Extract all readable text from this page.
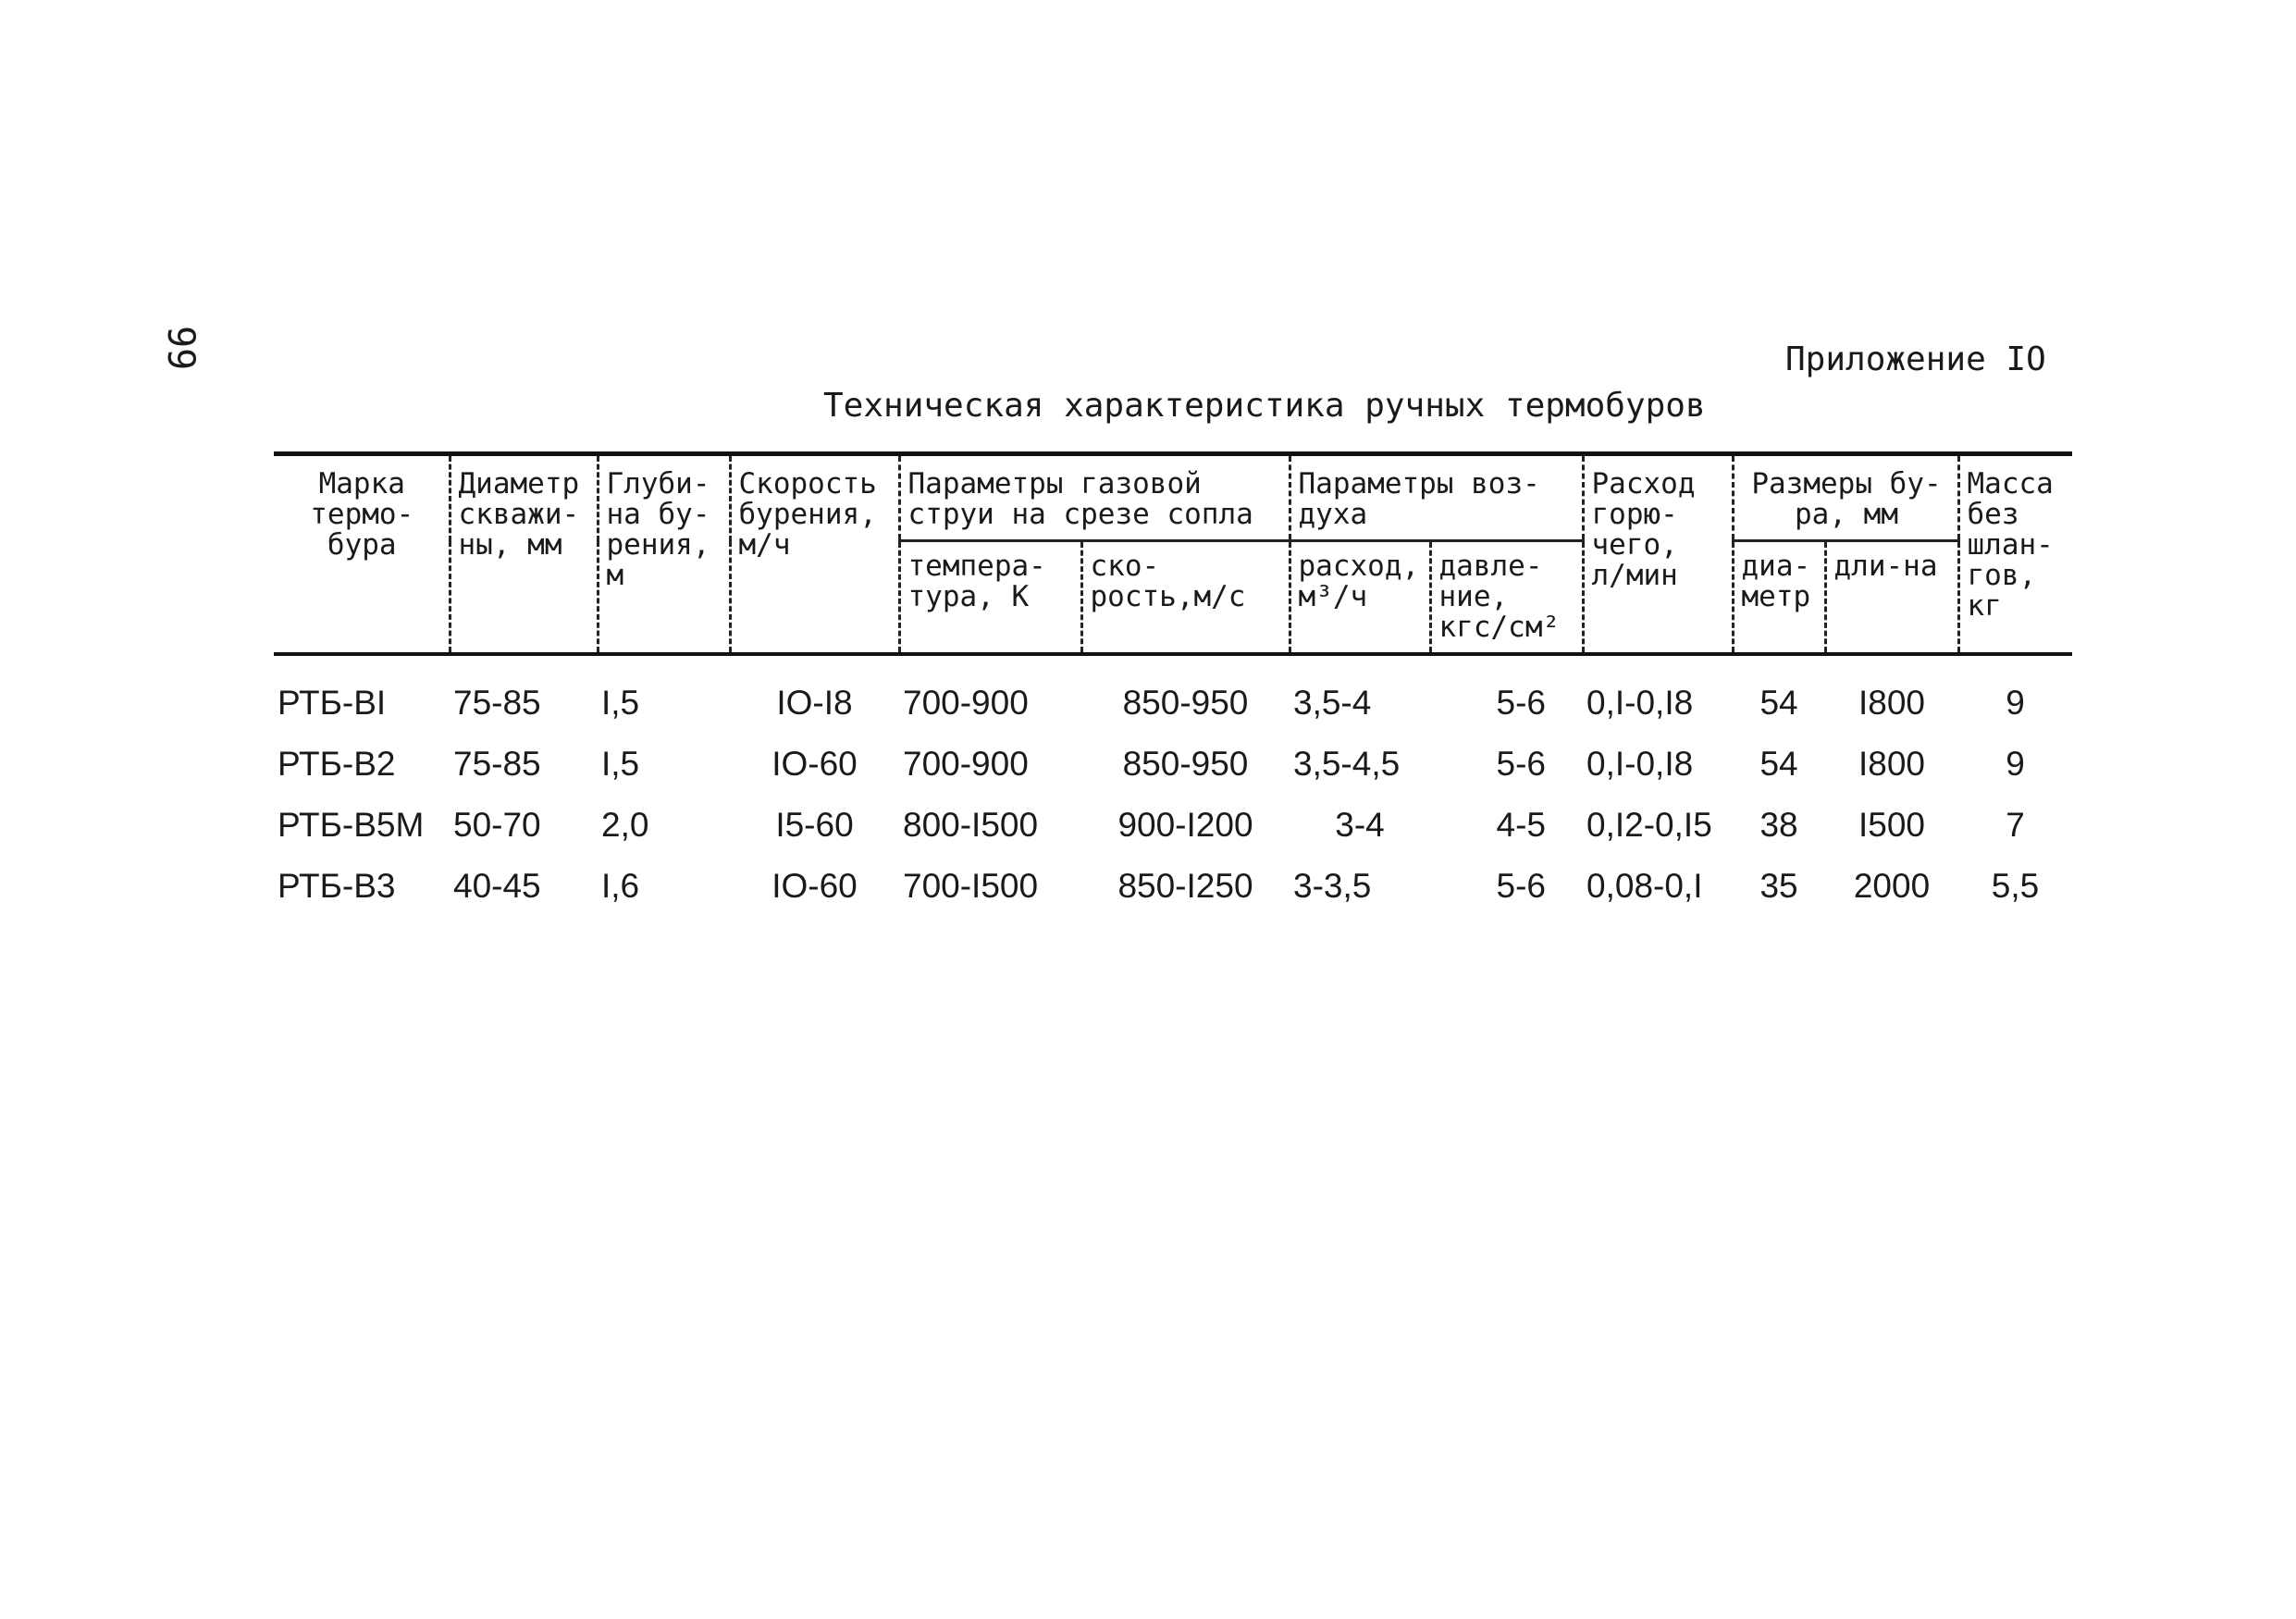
99	Приложение IO
Техническая характеристика ручных термобуров
Марка термо-бура	Диаметр скважи-ны, мм	Глуби-на бу-рения, м	Скорость бурения, м/ч	Параметры газовой струи на срезе сопла		Параметры воз-духа		Расход горю-чего, л/мин	Размеры бу-ра, мм		Масса без шлан-гов, кг
				темпера-тура, К	ско-рость,м/с	расход, м³/ч	давле-ние, кгс/см²		диа-метр	дли-на	
РТБ-BI	75-85	I,5	IO-I8	700-900	850-950	3,5-4	5-6	0,I-0,I8	54	I800	9
РТБ-B2	75-85	I,5	IO-60	700-900	850-950	3,5-4,5	5-6	0,I-0,I8	54	I800	9
РТБ-B5M	50-70	2,0	I5-60	800-I500	900-I200	3-4	4-5	0,I2-0,I5	38	I500	7
РТБ-B3	40-45	I,6	IO-60	700-I500	850-I250	3-3,5	5-6	0,08-0,I	35	2000	5,5
